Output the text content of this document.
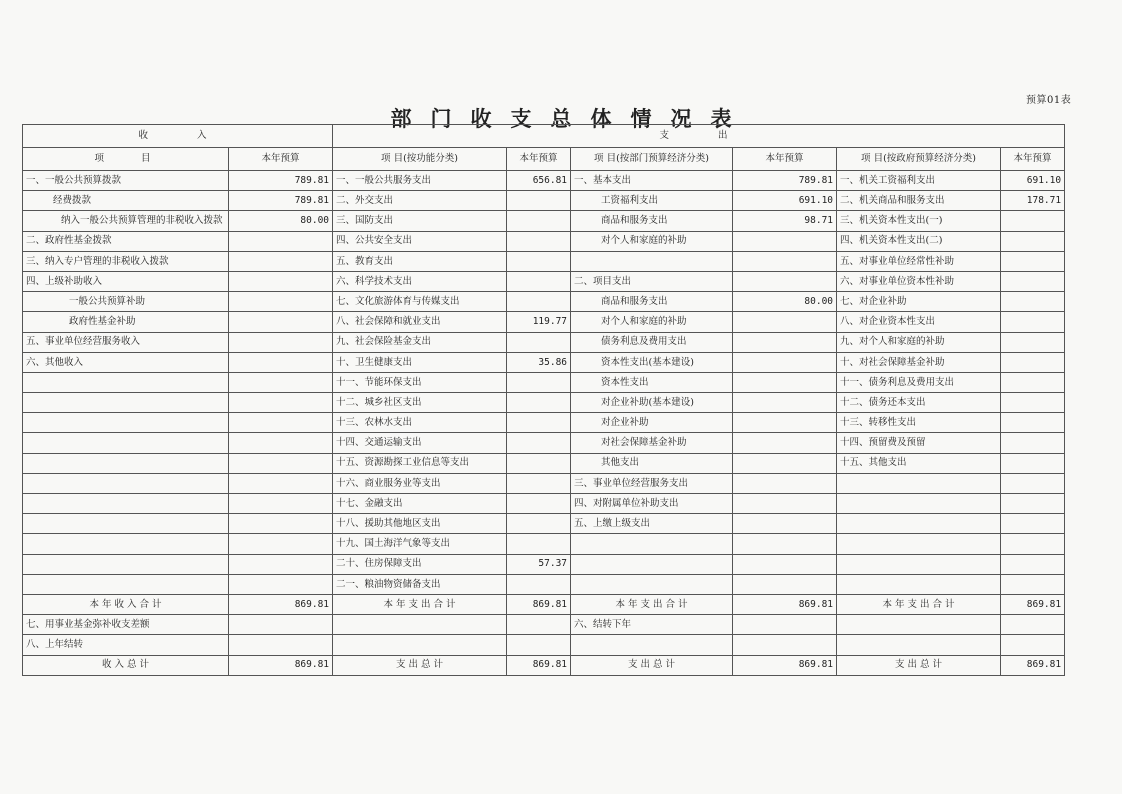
预算01表
部门收支总体情况表
收　　入		支　　出					
项　　目	本年预算	项 目(按功能分类)	本年预算	项 目(按部门预算经济分类)	本年预算	项 目(按政府预算经济分类)	本年预算
一、一般公共预算拨款	789.81	一、一般公共服务支出	656.81	一、基本支出	789.81	一、机关工资福利支出	691.10
经费拨款	789.81	二、外交支出		工资福利支出	691.10	二、机关商品和服务支出	178.71
纳入一般公共预算管理的非税收入拨款	80.00	三、国防支出		商品和服务支出	98.71	三、机关资本性支出(一)	
二、政府性基金拨款		四、公共安全支出		对个人和家庭的补助		四、机关资本性支出(二)	
三、纳入专户管理的非税收入拨款		五、教育支出				五、对事业单位经常性补助	
四、上级补助收入		六、科学技术支出		二、项目支出		六、对事业单位资本性补助	
一般公共预算补助		七、文化旅游体育与传媒支出		商品和服务支出	80.00	七、对企业补助	
政府性基金补助		八、社会保障和就业支出	119.77	对个人和家庭的补助		八、对企业资本性支出	
五、事业单位经营服务收入		九、社会保险基金支出		债务利息及费用支出		九、对个人和家庭的补助	
六、其他收入		十、卫生健康支出	35.86	资本性支出(基本建设)		十、对社会保障基金补助	
		十一、节能环保支出		资本性支出		十一、债务利息及费用支出	
		十二、城乡社区支出		对企业补助(基本建设)		十二、债务还本支出	
		十三、农林水支出		对企业补助		十三、转移性支出	
		十四、交通运输支出		对社会保障基金补助		十四、预留费及预留	
		十五、资源勘探工业信息等支出		其他支出		十五、其他支出	
		十六、商业服务业等支出		三、事业单位经营服务支出			
		十七、金融支出		四、对附属单位补助支出			
		十八、援助其他地区支出		五、上缴上级支出			
		十九、国土海洋气象等支出					
		二十、住房保障支出	57.37				
		二一、粮油物资储备支出					
本 年 收 入 合 计	869.81	本 年 支 出 合 计	869.81	本 年 支 出 合 计	869.81	本 年 支 出 合 计	869.81
七、用事业基金弥补收支差额				六、结转下年			
八、上年结转							
收 入 总 计	869.81	支 出 总 计	869.81	支 出 总 计	869.81	支 出 总 计	869.81
